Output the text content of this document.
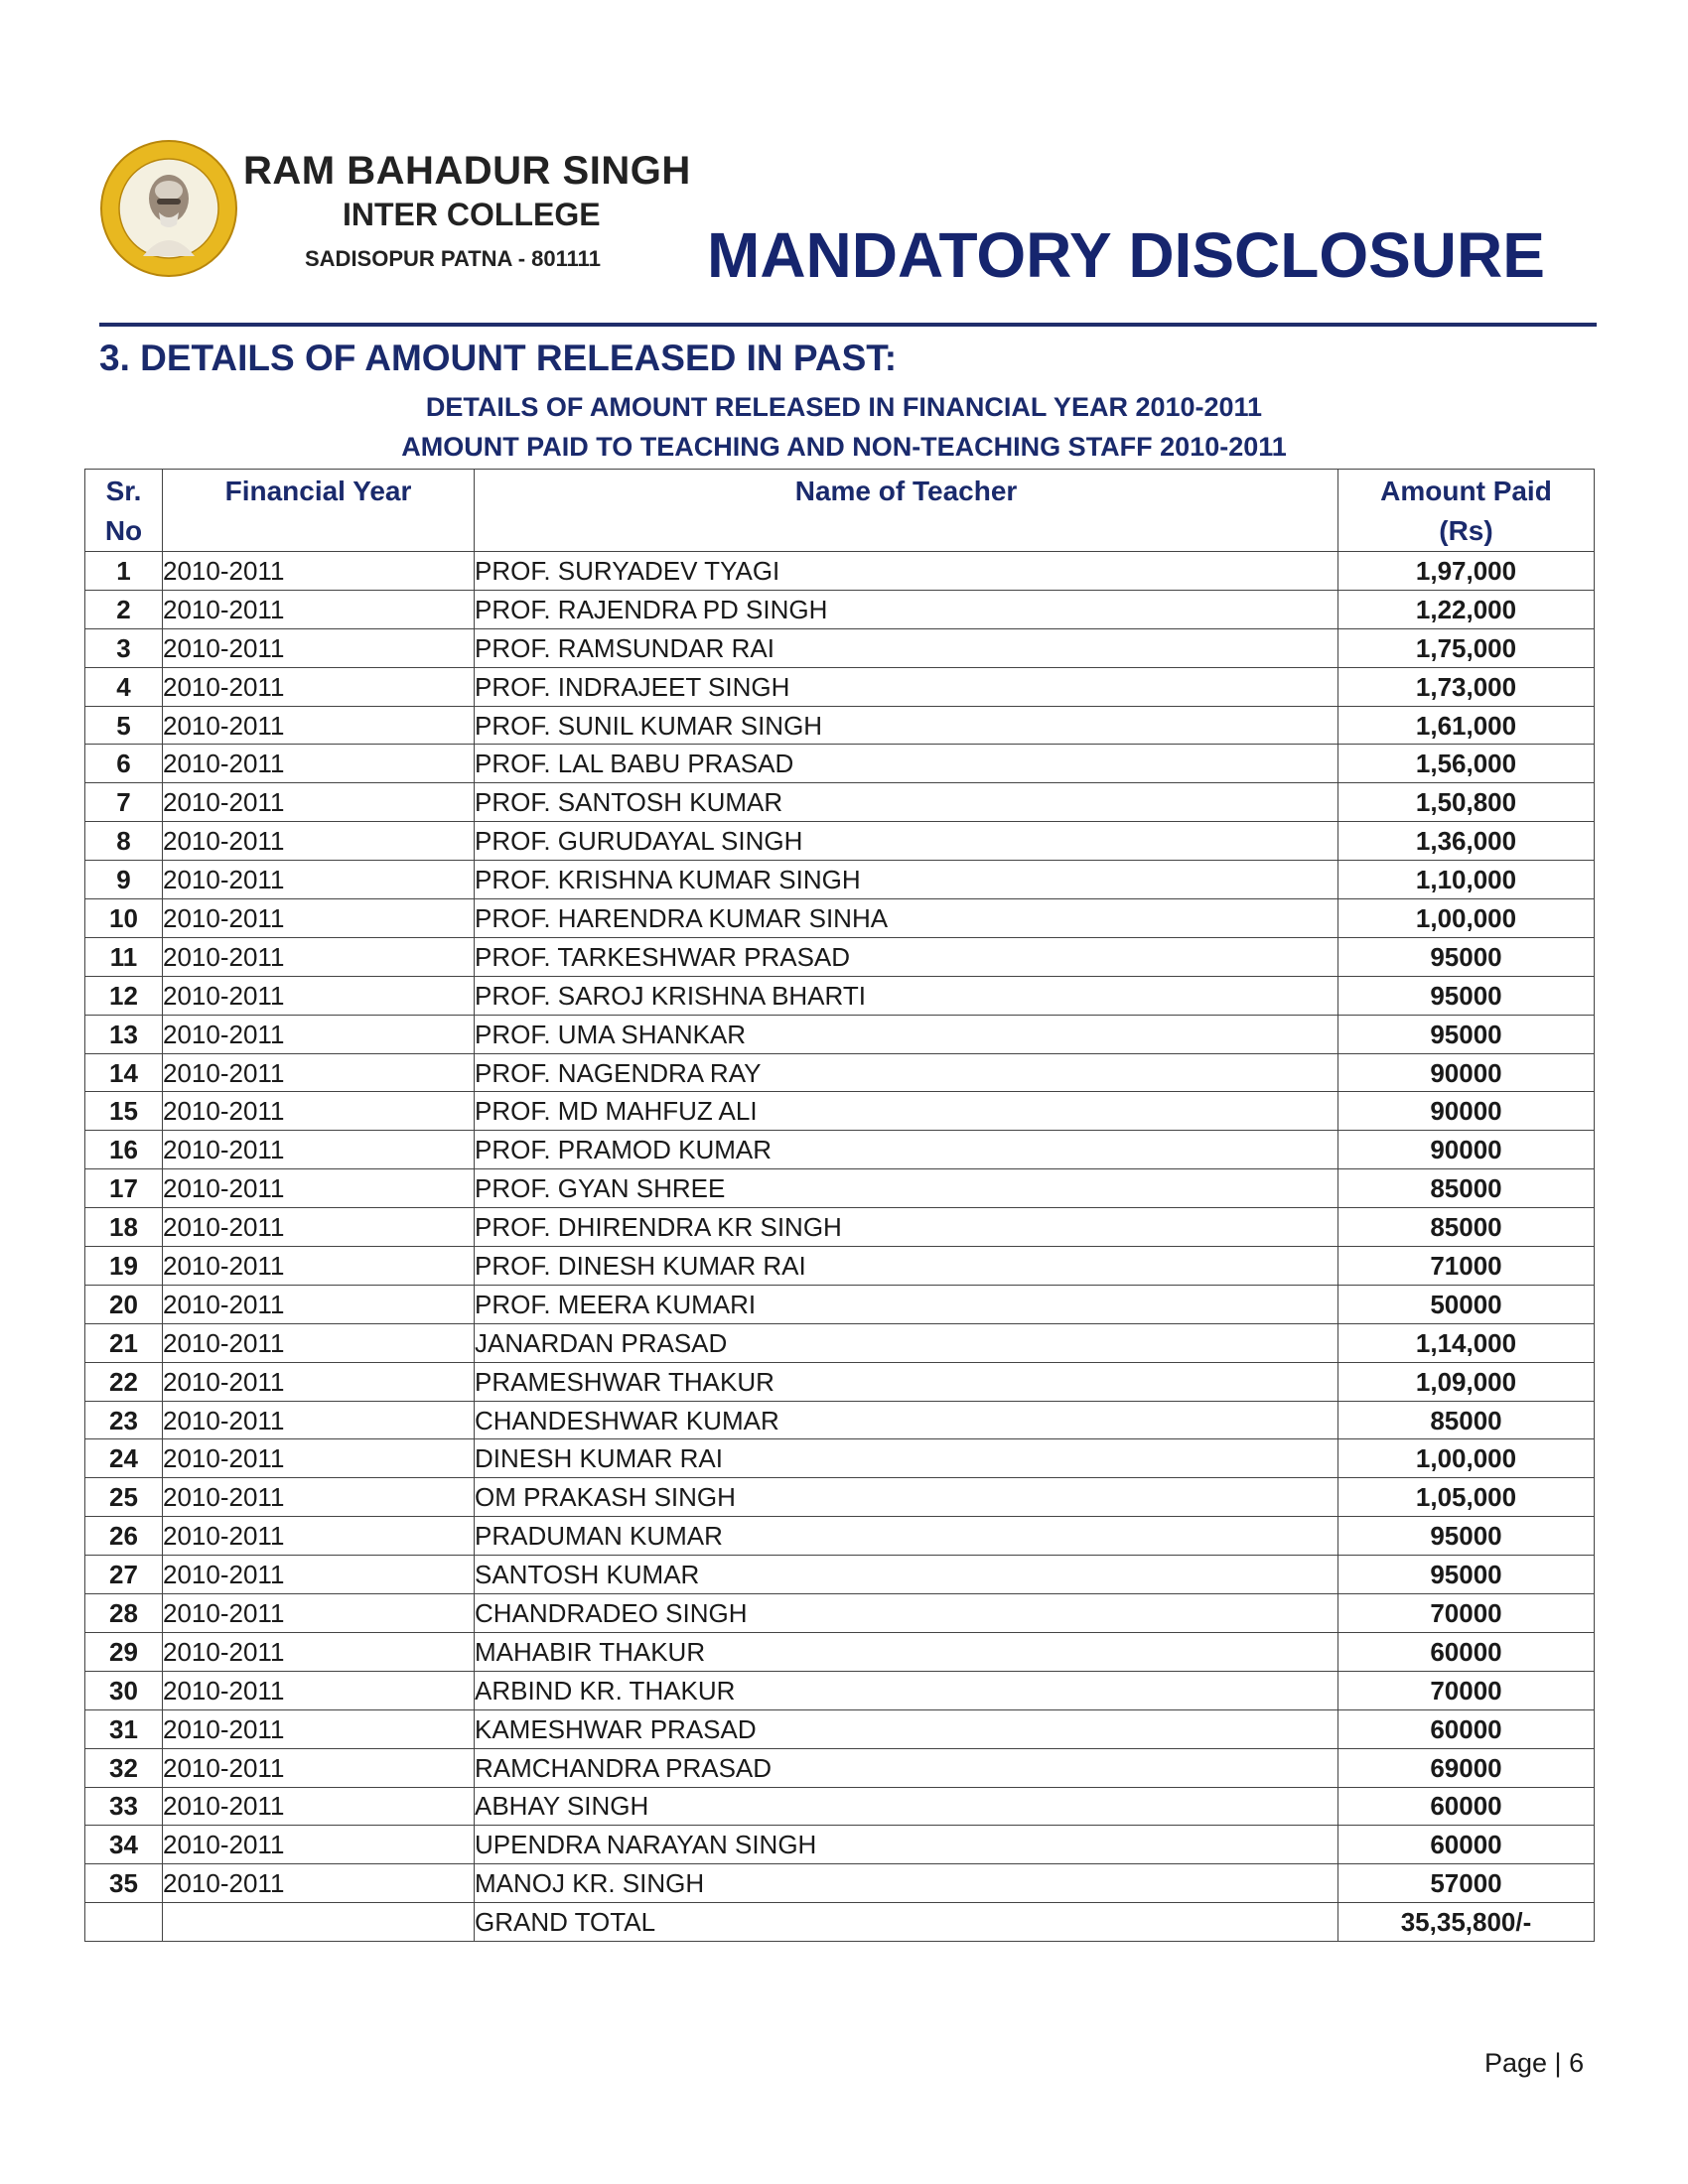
RAM BAHADUR SINGH
INTER COLLEGE
SADISOPUR PATNA - 801111 MANDATORY DISCLOSURE
3. DETAILS OF AMOUNT RELEASED IN PAST:
DETAILS OF AMOUNT RELEASED IN FINANCIAL YEAR 2010-2011
AMOUNT PAID TO TEACHING AND NON-TEACHING STAFF 2010-2011
Sr.
No	Financial Year	Name of Teacher	Amount Paid
(Rs)
1	2010-2011	PROF. SURYADEV TYAGI	1,97,000
2	2010-2011	PROF. RAJENDRA PD SINGH	1,22,000
3	2010-2011	PROF. RAMSUNDAR RAI	1,75,000
4	2010-2011	PROF. INDRAJEET SINGH	1,73,000
5	2010-2011	PROF. SUNIL KUMAR SINGH	1,61,000
6	2010-2011	PROF. LAL BABU PRASAD	1,56,000
7	2010-2011	PROF. SANTOSH KUMAR	1,50,800
8	2010-2011	PROF. GURUDAYAL SINGH	1,36,000
9	2010-2011	PROF. KRISHNA KUMAR SINGH	1,10,000
10	2010-2011	PROF. HARENDRA KUMAR SINHA	1,00,000
11	2010-2011	PROF. TARKESHWAR PRASAD	95000
12	2010-2011	PROF. SAROJ KRISHNA BHARTI	95000
13	2010-2011	PROF. UMA SHANKAR	95000
14	2010-2011	PROF. NAGENDRA RAY	90000
15	2010-2011	PROF. MD MAHFUZ ALI	90000
16	2010-2011	PROF. PRAMOD KUMAR	90000
17	2010-2011	PROF. GYAN SHREE	85000
18	2010-2011	PROF. DHIRENDRA KR SINGH	85000
19	2010-2011	PROF. DINESH KUMAR RAI	71000
20	2010-2011	PROF. MEERA KUMARI	50000
21	2010-2011	JANARDAN PRASAD	1,14,000
22	2010-2011	PRAMESHWAR THAKUR	1,09,000
23	2010-2011	CHANDESHWAR KUMAR	85000
24	2010-2011	DINESH KUMAR RAI	1,00,000
25	2010-2011	OM PRAKASH SINGH	1,05,000
26	2010-2011	PRADUMAN KUMAR	95000
27	2010-2011	SANTOSH KUMAR	95000
28	2010-2011	CHANDRADEO SINGH	70000
29	2010-2011	MAHABIR THAKUR	60000
30	2010-2011	ARBIND KR. THAKUR	70000
31	2010-2011	KAMESHWAR PRASAD	60000
32	2010-2011	RAMCHANDRA PRASAD	69000
33	2010-2011	ABHAY SINGH	60000
34	2010-2011	UPENDRA NARAYAN SINGH	60000
35	2010-2011	MANOJ KR. SINGH	57000
		GRAND TOTAL	35,35,800/-
Page | 6
